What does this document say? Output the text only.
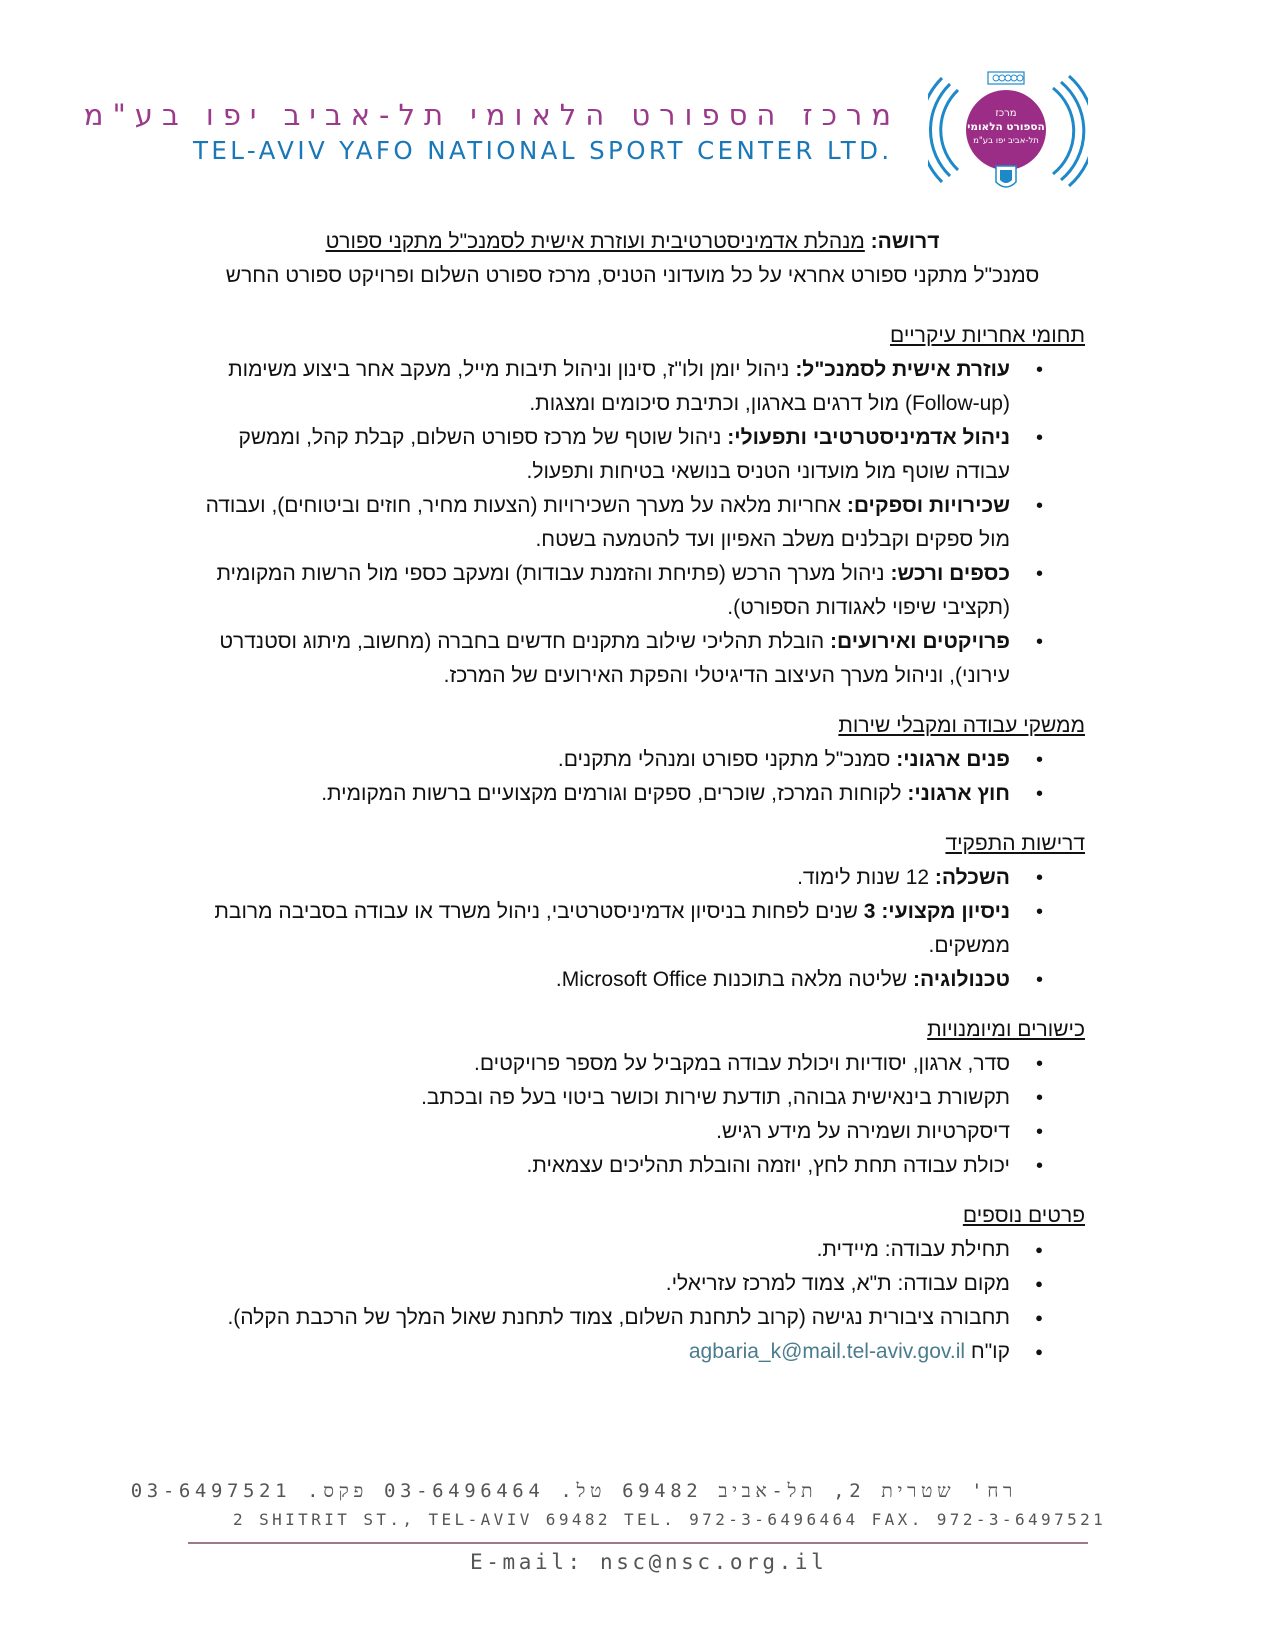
מרכז הספורט הלאומי תל-אביב יפו בע"מ
TEL-AVIV YAFO NATIONAL SPORT CENTER LTD.
מרכז
הספורט הלאומי
תל-אביב יפו בע"מ

דרושה: מנהלת אדמיניסטרטיבית ועוזרת אישית לסמנכ"ל מתקני ספורט

סמנכ"ל מתקני ספורט אחראי על כל מועדוני הטניס, מרכז ספורט השלום ופרויקט ספורט החרש

תחומי אחריות עיקריים

• עוזרת אישית לסמנכ"ל: ניהול יומן ולו"ז, סינון וניהול תיבות מייל, מעקב אחר ביצוע משימות (Follow-up) מול דרגים בארגון, וכתיבת סיכומים ומצגות.
• ניהול אדמיניסטרטיבי ותפעולי: ניהול שוטף של מרכז ספורט השלום, קבלת קהל, וממשק עבודה שוטף מול מועדוני הטניס בנושאי בטיחות ותפעול.
• שכירויות וספקים: אחריות מלאה על מערך השכירויות (הצעות מחיר, חוזים וביטוחים), ועבודה מול ספקים וקבלנים משלב האפיון ועד להטמעה בשטח.
• כספים ורכש: ניהול מערך הרכש (פתיחת והזמנת עבודות) ומעקב כספי מול הרשות המקומית (תקציבי שיפוי לאגודות הספורט).
• פרויקטים ואירועים: הובלת תהליכי שילוב מתקנים חדשים בחברה (מחשוב, מיתוג וסטנדרט עירוני), וניהול מערך העיצוב הדיגיטלי והפקת האירועים של המרכז.

ממשקי עבודה ומקבלי שירות

• פנים ארגוני: סמנכ"ל מתקני ספורט ומנהלי מתקנים.
• חוץ ארגוני: לקוחות המרכז, שוכרים, ספקים וגורמים מקצועיים ברשות המקומית.

דרישות התפקיד

• השכלה: 12 שנות לימוד.
• ניסיון מקצועי: 3 שנים לפחות בניסיון אדמיניסטרטיבי, ניהול משרד או עבודה בסביבה מרובת ממשקים.
• טכנולוגיה: שליטה מלאה בתוכנות Microsoft Office.

כישורים ומיומנויות

• סדר, ארגון, יסודיות ויכולת עבודה במקביל על מספר פרויקטים.
• תקשורת בינאישית גבוהה, תודעת שירות וכושר ביטוי בעל פה ובכתב.
• דיסקרטיות ושמירה על מידע רגיש.
• יכולת עבודה תחת לחץ, יוזמה והובלת תהליכים עצמאית.

פרטים נוספים

● תחילת עבודה: מיידית.
● מקום עבודה: ת"א, צמוד למרכז עזריאלי.
● תחבורה ציבורית נגישה (קרוב לתחנת השלום, צמוד לתחנת שאול המלך של הרכבת הקלה).
● קו"ח agbaria_k@mail.tel-aviv.gov.il
רח' שטרית 2, תל-אביב 69482 טל. 03-6496464 פקס. 03-6497521
2 SHITRIT ST., TEL-AVIV 69482 TEL. 972-3-6496464 FAX. 972-3-6497521
E-mail: nsc@nsc.org.il
